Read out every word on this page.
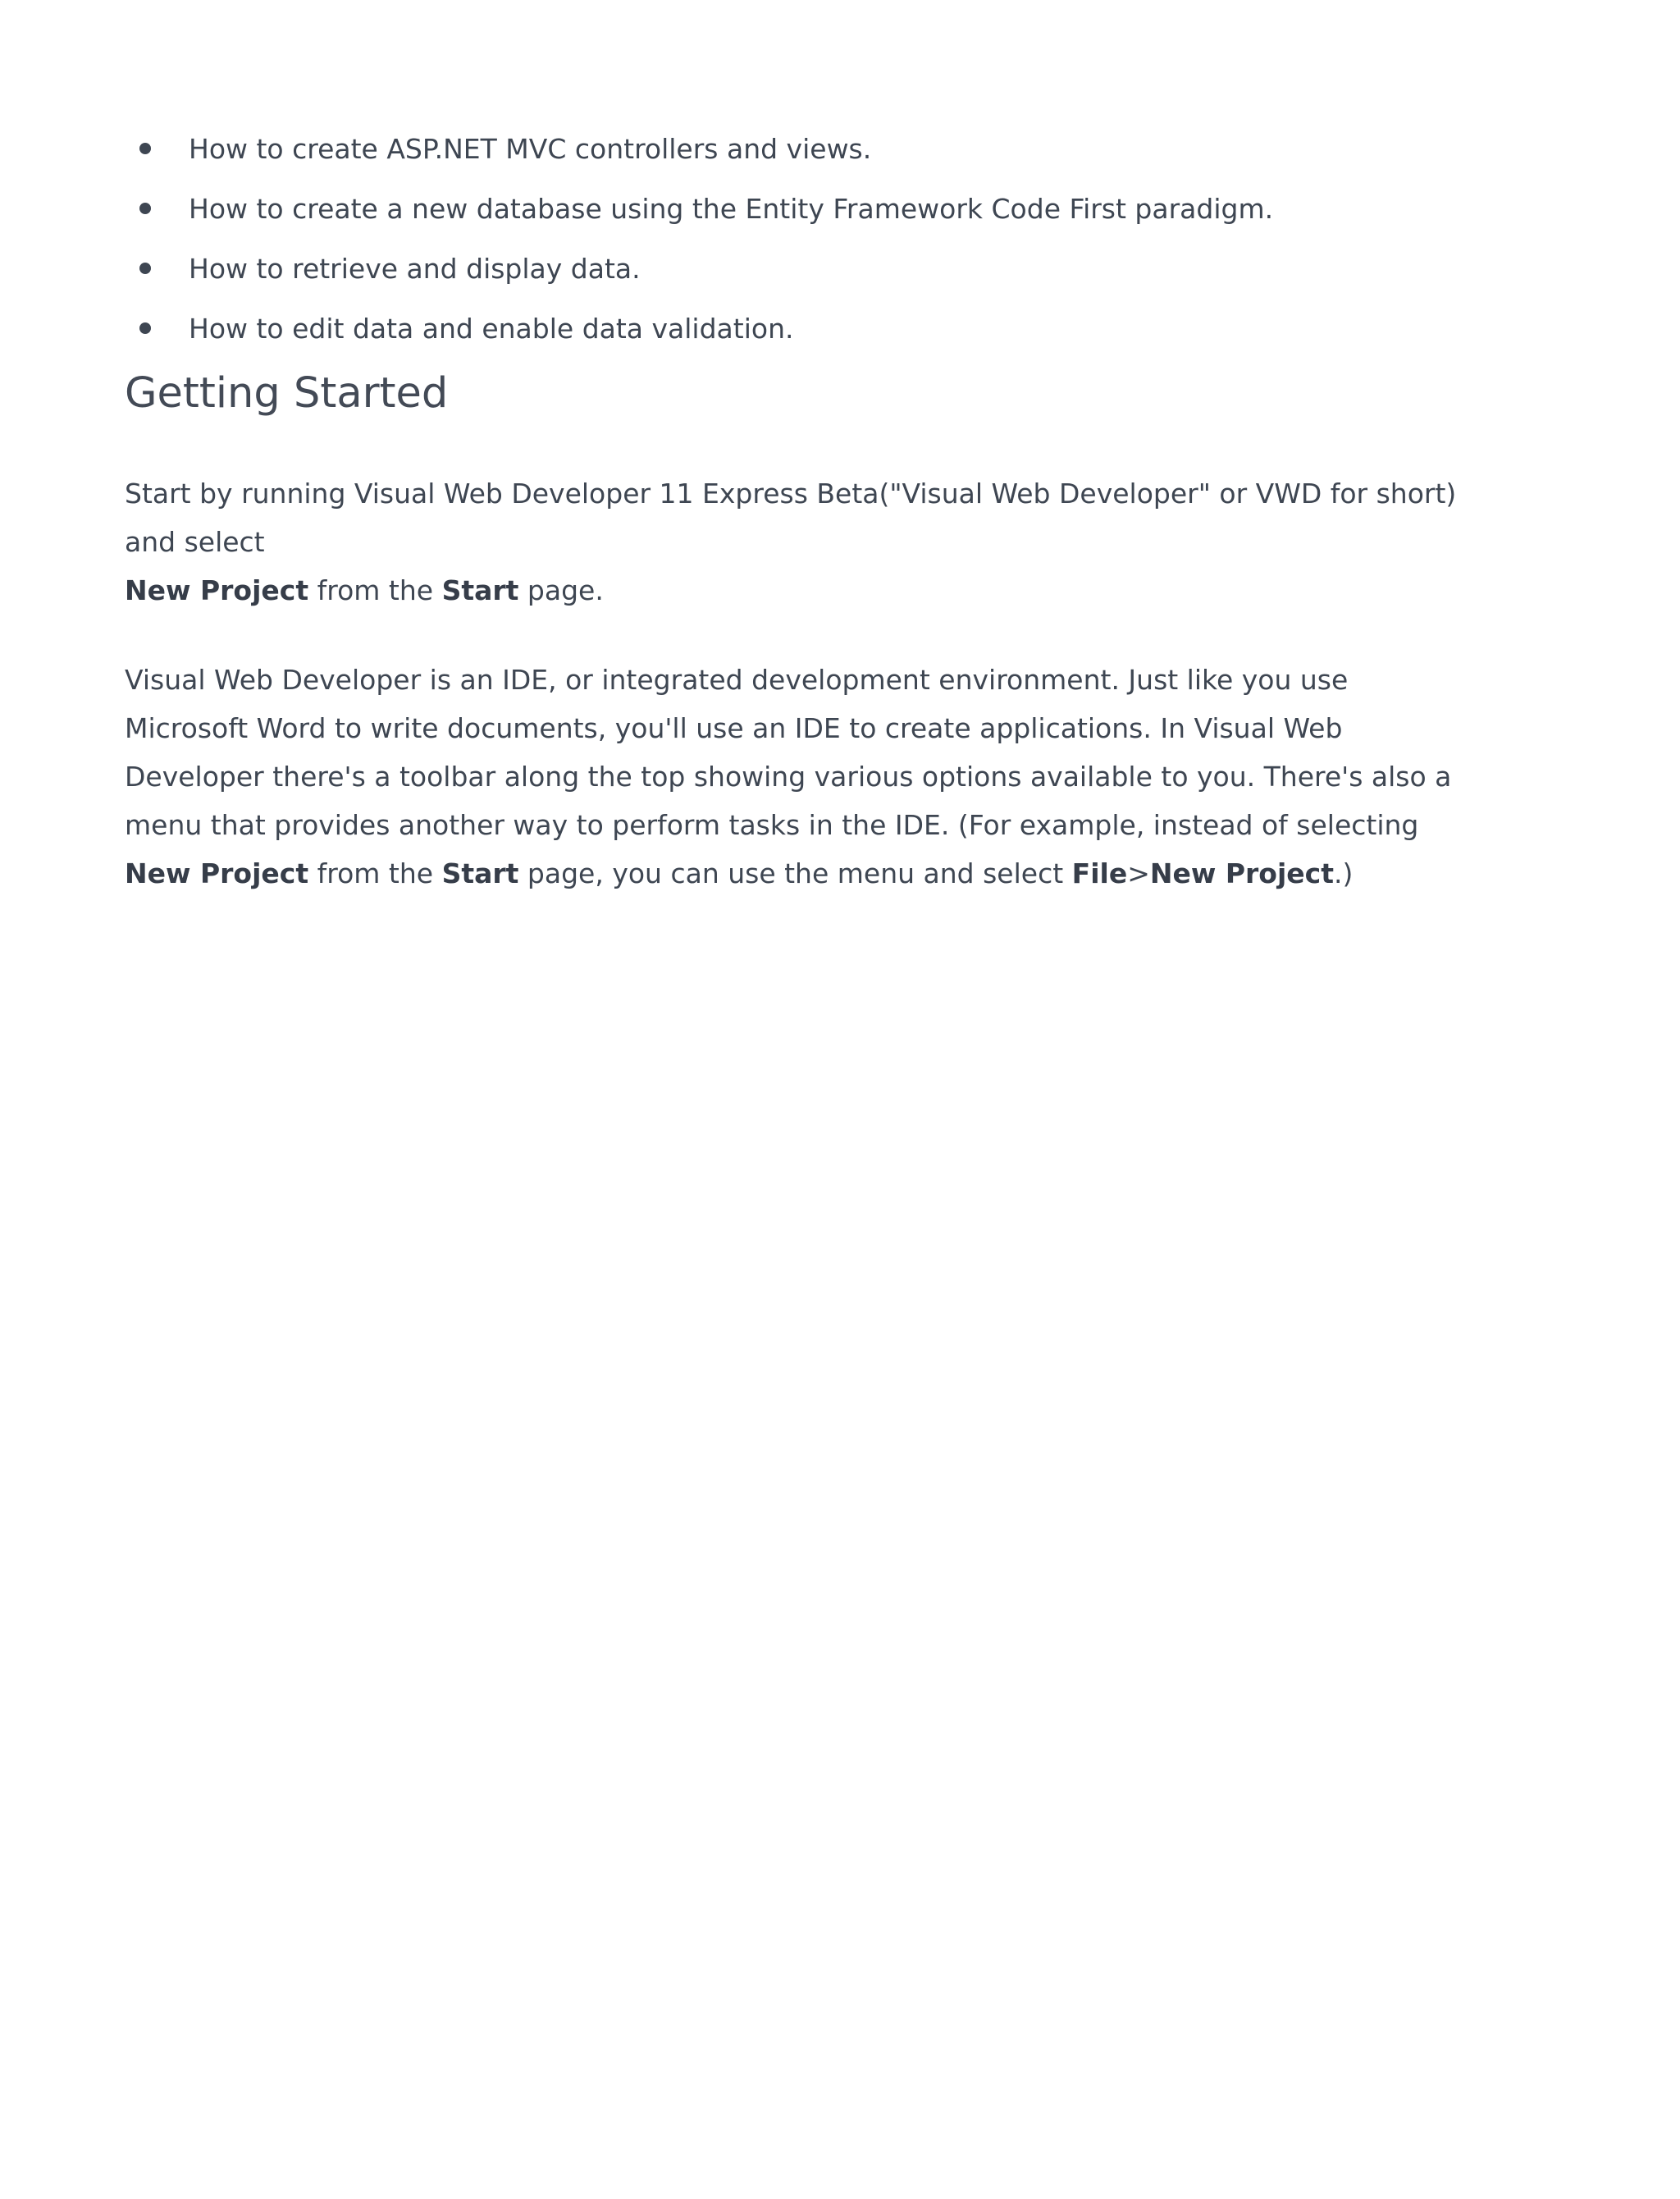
How to create ASP.NET MVC controllers and views.
How to create a new database using the Entity Framework Code First paradigm.
How to retrieve and display data.
How to edit data and enable data validation.
Getting Started

Start by running Visual Web Developer 11 Express Beta("Visual Web Developer" or VWD for short) and select
New Project from the Start page.

Visual Web Developer is an IDE, or integrated development environment. Just like you use Microsoft Word to write documents, you'll use an IDE to create applications. In Visual Web Developer there's a toolbar along the top showing various options available to you. There's also a menu that provides another way to perform tasks in the IDE. (For example, instead of selecting New Project from the Start page, you can use the menu and select File>New Project.)
